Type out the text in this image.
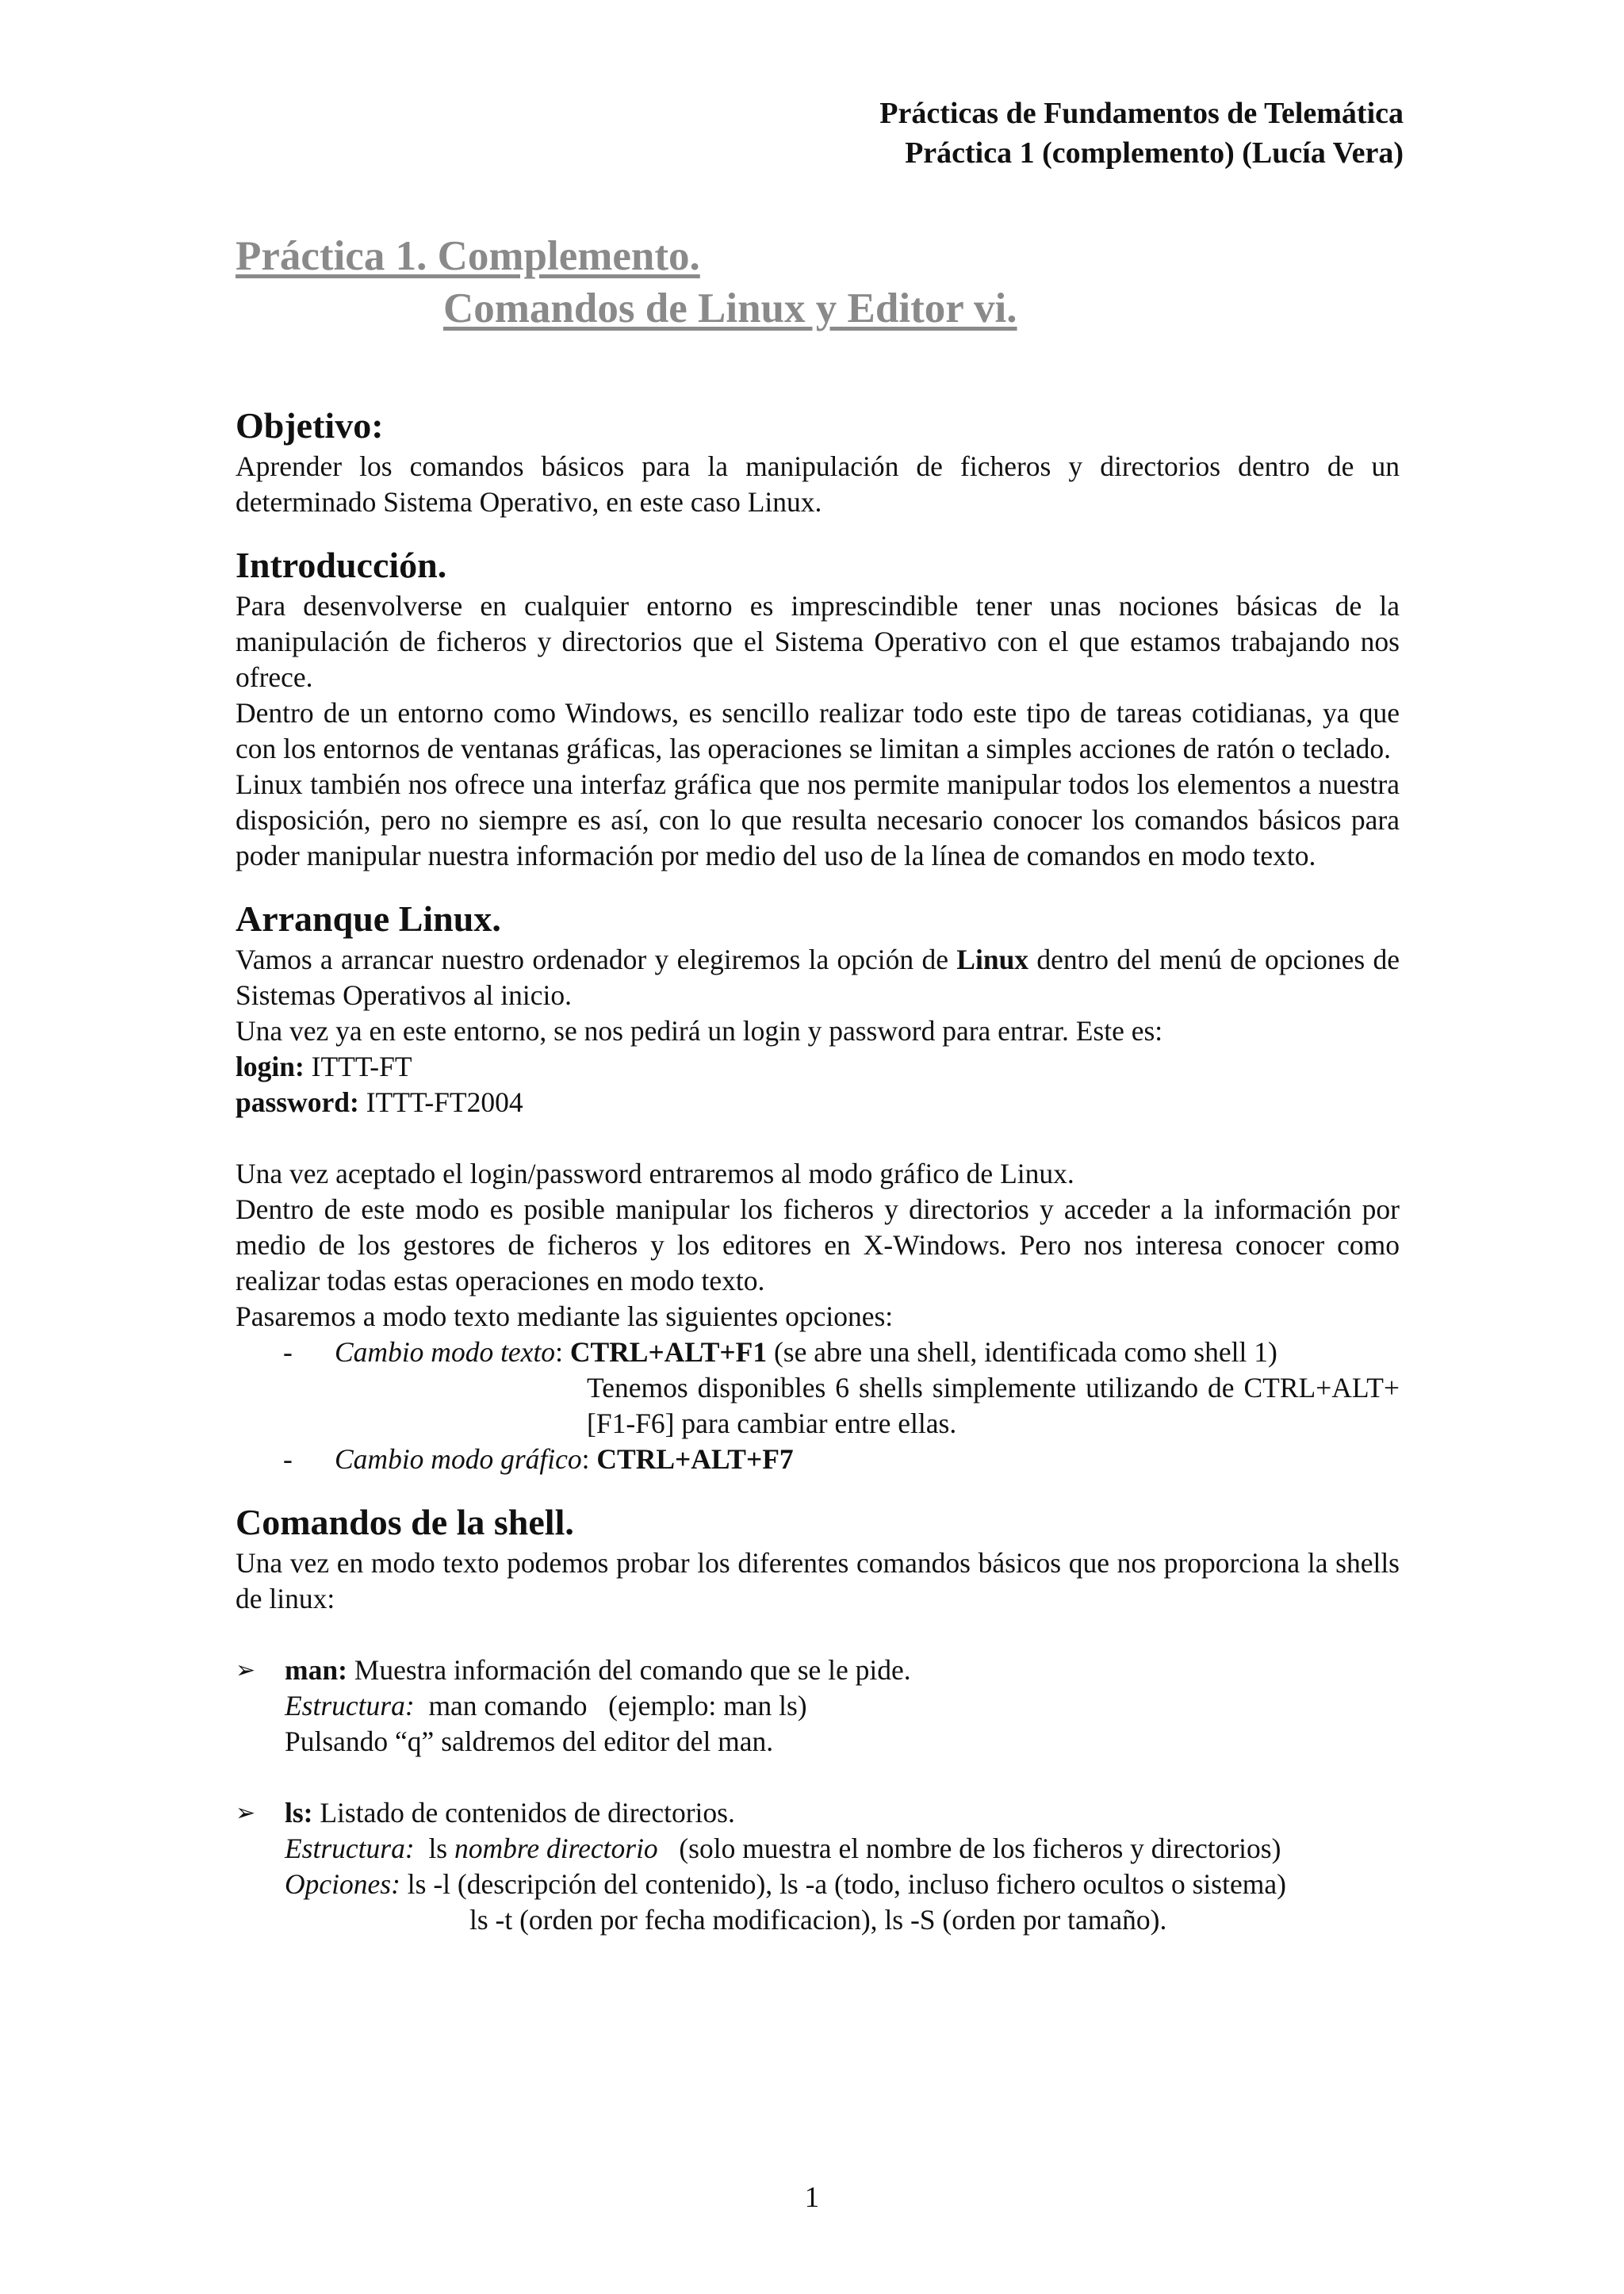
Prácticas de Fundamentos de Telemática
Práctica 1 (complemento) (Lucía Vera)
Práctica 1. Complemento.
Comandos de Linux y Editor vi.
Objetivo:

Aprender los comandos básicos para la manipulación de ficheros y directorios dentro de un determinado Sistema Operativo, en este caso Linux.

Introducción.

Para desenvolverse en cualquier entorno es imprescindible tener unas nociones básicas de la manipulación de ficheros y directorios que el Sistema Operativo con el que estamos trabajando nos ofrece.

Dentro de un entorno como Windows, es sencillo realizar todo este tipo de tareas cotidianas, ya que con los entornos de ventanas gráficas, las operaciones se limitan a simples acciones de ratón o teclado.

Linux también nos ofrece una interfaz gráfica que nos permite manipular todos los elementos a nuestra disposición, pero no siempre es así, con lo que resulta necesario conocer los comandos básicos para poder manipular nuestra información por medio del uso de la línea de comandos en modo texto.

Arranque Linux.

Vamos a arrancar nuestro ordenador y elegiremos la opción de Linux dentro del menú de opciones de Sistemas Operativos al inicio.

Una vez ya en este entorno, se nos pedirá un login y password para entrar. Este es:

login: ITTT-FT

password: ITTT-FT2004

Una vez aceptado el login/password entraremos al modo gráfico de Linux.

Dentro de este modo es posible manipular los ficheros y directorios y acceder a la información por medio de los gestores de ficheros y los editores en X-Windows. Pero nos interesa conocer como realizar todas estas operaciones en modo texto.

Pasaremos a modo texto mediante las siguientes opciones:

- Cambio modo texto: CTRL+ALT+F1 (se abre una shell, identificada como shell 1)
Tenemos disponibles 6 shells simplemente utilizando de CTRL+ALT+[F1-F6] para cambiar entre ellas.
- Cambio modo gráfico: CTRL+ALT+F7
Comandos de la shell.

Una vez en modo texto podemos probar los diferentes comandos básicos que nos proporciona la shells de linux:

➢ man: Muestra información del comando que se le pide.
Estructura:  man comando   (ejemplo: man ls)
Pulsando “q” saldremos del editor del man.
➢ ls: Listado de contenidos de directorios.
Estructura:  ls nombre directorio   (solo muestra el nombre de los ficheros y directorios)
Opciones: ls -l (descripción del contenido), ls -a (todo, incluso fichero ocultos o sistema)
ls -t (orden por fecha modificacion), ls -S (orden por tamaño).
1
